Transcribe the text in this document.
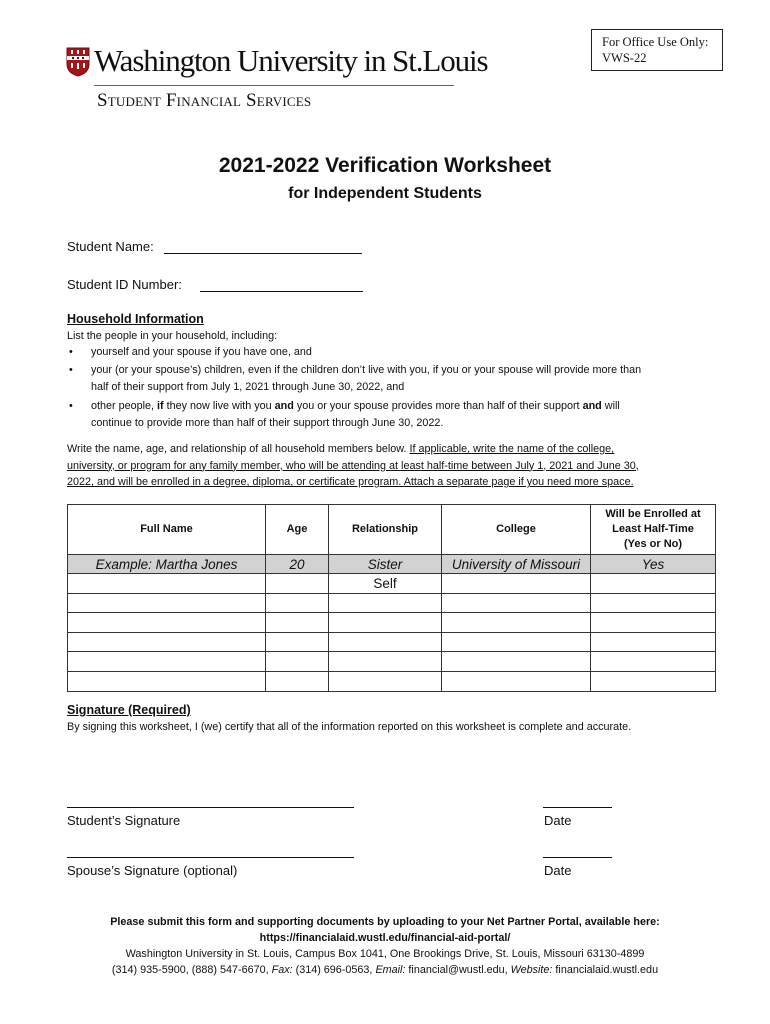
For Office Use Only:
VWS-22
Washington University in St.Louis
Student Financial Services
2021-2022 Verification Worksheet
for Independent Students
Student Name:
Student ID Number:
Household Information
List the people in your household, including:
• yourself and your spouse if you have one, and
• your (or your spouse’s) children, even if the children don’t live with you, if you or your spouse will provide more than
half of their support from July 1, 2021 through June 30, 2022, and
• other people, if they now live with you and you or your spouse provides more than half of their support and will
continue to provide more than half of their support through June 30, 2022.
Write the name, age, and relationship of all household members below. If applicable, write the name of the college,
university, or program for any family member, who will be attending at least half-time between July 1, 2021 and June 30,
2022, and will be enrolled in a degree, diploma, or certificate program. Attach a separate page if you need more space.
Full Name	Age	Relationship	College	Will be Enrolled at
Least Half-Time
(Yes or No)

Example: Martha Jones	20	Sister	University of Missouri	Yes
		Self		

Signature (Required)
By signing this worksheet, I (we) certify that all of the information reported on this worksheet is complete and accurate.
Student’s Signature	Date
Spouse’s Signature (optional)	Date
Please submit this form and supporting documents by uploading to your Net Partner Portal, available here:
https://financialaid.wustl.edu/financial-aid-portal/
Washington University in St. Louis, Campus Box 1041, One Brookings Drive, St. Louis, Missouri 63130-4899
(314) 935-5900, (888) 547-6670, Fax: (314) 696-0563, Email: financial@wustl.edu, Website: financialaid.wustl.edu
